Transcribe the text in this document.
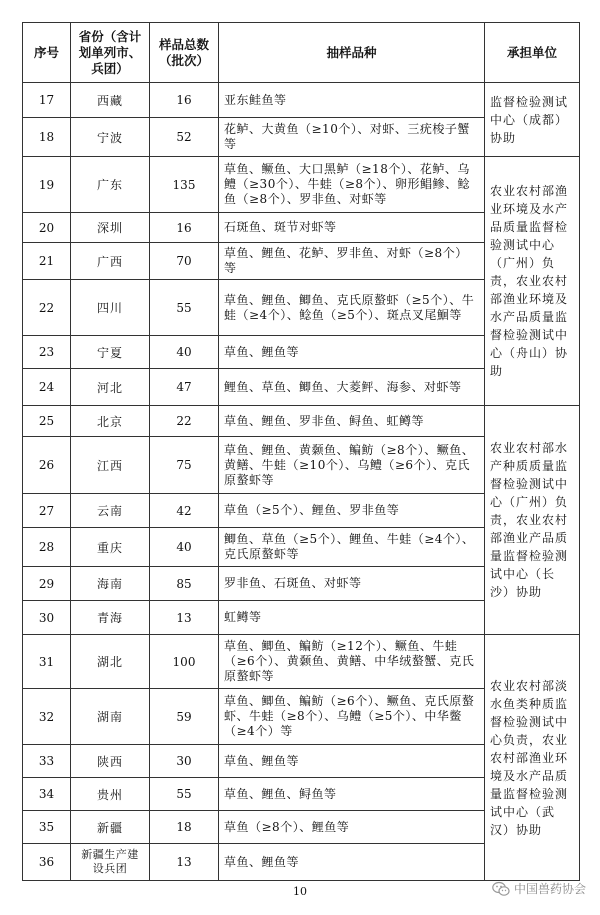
序号	省份（含计划单列市、兵团）	样品总数（批次）	抽样品种	承担单位
17	西藏	16	亚东鲑鱼等	监督检验测试中心（成都）协助
18	宁波	52	花鲈、大黄鱼（≥10个）、对虾、三疣梭子蟹等	
19	广东	135	草鱼、鳜鱼、大口黑鲈（≥18个）、花鲈、乌鳢（≥30个）、牛蛙（≥8个）、卵形鲳鲹、鲶鱼（≥8个）、罗非鱼、对虾等	农业农村部渔业环境及水产品质量监督检验测试中心（广州）负责，农业农村部渔业环境及水产品质量监督检验测试中心（舟山）协助
20	深圳	16	石斑鱼、斑节对虾等	
21	广西	70	草鱼、鲤鱼、花鲈、罗非鱼、对虾（≥8个）等	
22	四川	55	草鱼、鲤鱼、鲫鱼、克氏原螯虾（≥5个）、牛蛙（≥4个）、鲶鱼（≥5个）、斑点叉尾鮰等	
23	宁夏	40	草鱼、鲤鱼等	
24	河北	47	鲤鱼、草鱼、鲫鱼、大菱鲆、海参、对虾等	
25	北京	22	草鱼、鲤鱼、罗非鱼、鲟鱼、虹鳟等	农业农村部水产种质质量监督检验测试中心（广州）负责，农业农村部渔业产品质量监督检验测试中心（长沙）协助
26	江西	75	草鱼、鲤鱼、黄颡鱼、鳊鲂（≥8个）、鳜鱼、黄鳝、牛蛙（≥10个）、乌鳢（≥6个）、克氏原螯虾等	
27	云南	42	草鱼（≥5个）、鲤鱼、罗非鱼等	
28	重庆	40	鲫鱼、草鱼（≥5个）、鲤鱼、牛蛙（≥4个）、克氏原螯虾等	
29	海南	85	罗非鱼、石斑鱼、对虾等	
30	青海	13	虹鳟等	
31	湖北	100	草鱼、鲫鱼、鳊鲂（≥12个）、鳜鱼、牛蛙（≥6个）、黄颡鱼、黄鳝、中华绒螯蟹、克氏原螯虾等	农业农村部淡水鱼类种质监督检验测试中心负责，农业农村部渔业环境及水产品质量监督检验测试中心（武汉）协助
32	湖南	59	草鱼、鲫鱼、鳊鲂（≥6个）、鳜鱼、克氏原螯虾、牛蛙（≥8个）、乌鳢（≥5个）、中华鳖（≥4个）等	
33	陕西	30	草鱼、鲤鱼等	
34	贵州	55	草鱼、鲤鱼、鲟鱼等	
35	新疆	18	草鱼（≥8个）、鲤鱼等	
36	新疆生产建设兵团	13	草鱼、鲤鱼等	
10	中国兽药协会
